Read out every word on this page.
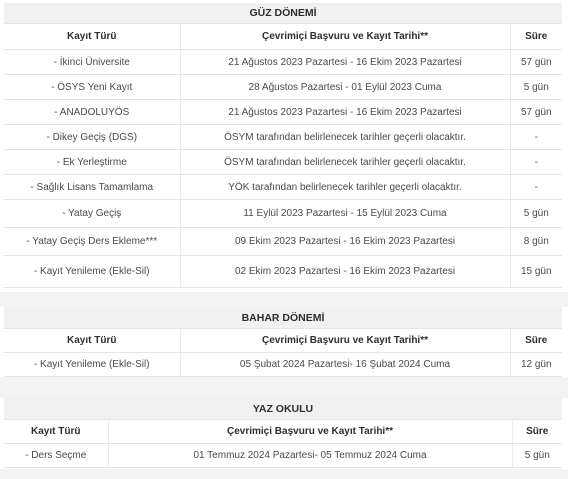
GÜZ DÖNEMİ		
Kayıt Türü	Çevrimiçi Başvuru ve Kayıt Tarihi**	Süre
- İkinci Üniversite	21 Ağustos 2023 Pazartesi - 16 Ekim 2023 Pazartesi	57 gün
- ÖSYS Yeni Kayıt	28 Ağustos Pazartesi - 01 Eylül 2023 Cuma	5 gün
- ANADOLUYÖS	21 Ağustos 2023 Pazartesi - 16 Ekim 2023 Pazartesi	57 gün
- Dikey Geçiş (DGS)	ÖSYM tarafından belirlenecek tarihler geçerli olacaktır.	-
- Ek Yerleştirme	ÖSYM tarafından belirlenecek tarihler geçerli olacaktır.	-
- Sağlık Lisans Tamamlama	YÖK tarafından belirlenecek tarihler geçerli olacaktır.	-
- Yatay Geçiş	11 Eylül 2023 Pazartesi - 15 Eylül 2023 Cuma	5 gün
- Yatay Geçiş Ders Ekleme***	09 Ekim 2023 Pazartesi - 16 Ekim 2023 Pazartesi	8 gün
- Kayıt Yenileme (Ekle-Sil)	02 Ekim 2023 Pazartesi - 16 Ekim 2023 Pazartesi	15 gün
BAHAR DÖNEMİ		
Kayıt Türü	Çevrimiçi Başvuru ve Kayıt Tarihi**	Süre
- Kayıt Yenileme (Ekle-Sil)	05 Şubat 2024 Pazartesi- 16 Şubat 2024 Cuma	12 gün
YAZ OKULU		
Kayıt Türü	Çevrimiçi Başvuru ve Kayıt Tarihi**	Süre
- Ders Seçme	01 Temmuz 2024 Pazartesi- 05 Temmuz 2024 Cuma	5 gün
